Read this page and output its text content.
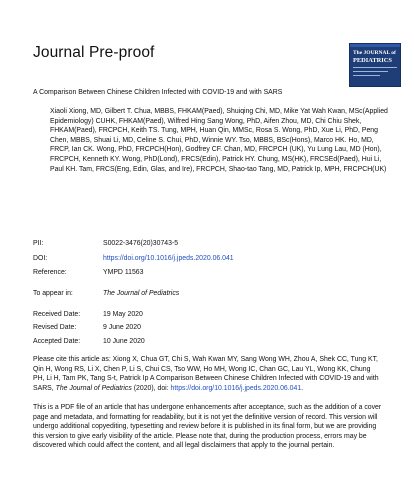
Journal Pre-proof	The JOURNAL of
PEDIATRICS
A Comparison Between Chinese Children Infected with COVID-19 and with SARS
Xiaoli Xiong, MD, Gilbert T. Chua, MBBS, FHKAM(Paed), Shuiqing Chi, MD, Mike Yat Wah Kwan, MSc(Applied Epidemiology) CUHK, FHKAM(Paed), Wilfred Hing Sang Wong, PhD, Aifen Zhou, MD, Chi Chiu Shek, FHKAM(Paed), FRCPCH, Keith TS. Tung, MPH, Huan Qin, MMSc, Rosa S. Wong, PhD, Xue Li, PhD, Peng Chen, MBBS, Shuai Li, MD, Celine S. Chui, PhD, Winnie WY. Tso, MBBS, BSc(Hons), Marco HK. Ho, MD, FRCP, Ian CK. Wong, PhD, FRCPCH(Hon), Godfrey CF. Chan, MD, FRCPCH (UK), Yu Lung Lau, MD (Hon), FRCPCH, Kenneth KY. Wong, PhD(Lond), FRCS(Edin), Patrick HY. Chung, MS(HK), FRCSEd(Paed), Hui Li, Paul KH. Tam, FRCS(Eng, Edin, Glas, and Ire), FRCPCH, Shao-tao Tang, MD, Patrick Ip, MPH, FRCPCH(UK)
PII:	S0022-3476(20)30743-5
DOI:	https://doi.org/10.1016/j.jpeds.2020.06.041
Reference:	YMPD 11563
To appear in:	The Journal of Pediatrics
Received Date:	19 May 2020
Revised Date:	9 June 2020
Accepted Date:	10 June 2020
Please cite this article as: Xiong X, Chua GT, Chi S, Wah Kwan MY, Sang Wong WH, Zhou A, Shek CC, Tung KT, Qin H, Wong RS, Li X, Chen P, Li S, Chui CS, Tso WW, Ho MH, Wong IC, Chan GC, Lau YL, Wong KK, Chung PH, Li H, Tam PK, Tang S-t, Patrick Ip A Comparison Between Chinese Children Infected with COVID-19 and with SARS, The Journal of Pediatrics (2020), doi: https://doi.org/10.1016/j.jpeds.2020.06.041.
This is a PDF file of an article that has undergone enhancements after acceptance, such as the addition of a cover page and metadata, and formatting for readability, but it is not yet the definitive version of record. This version will undergo additional copyediting, typesetting and review before it is published in its final form, but we are providing this version to give early visibility of the article. Please note that, during the production process, errors may be discovered which could affect the content, and all legal disclaimers that apply to the journal pertain.
